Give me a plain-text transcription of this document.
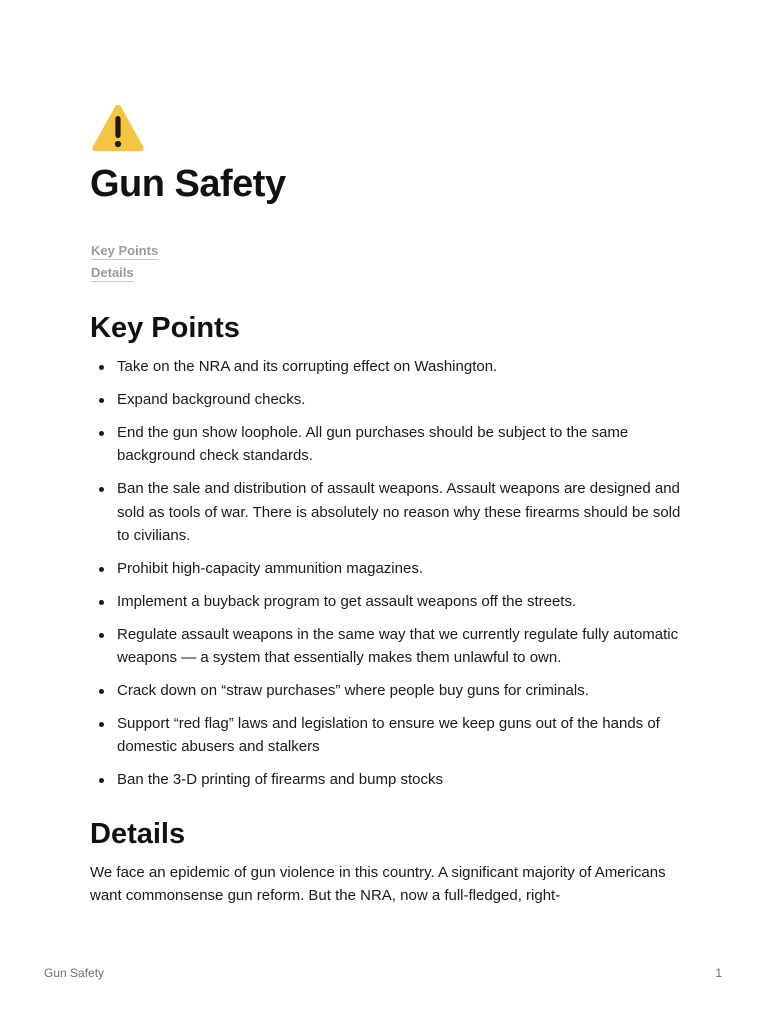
Gun Safety
Key Points
Details
Key Points
Take on the NRA and its corrupting effect on Washington.
Expand background checks.
End the gun show loophole. All gun purchases should be subject to the same background check standards.
Ban the sale and distribution of assault weapons. Assault weapons are designed and sold as tools of war. There is absolutely no reason why these firearms should be sold to civilians.
Prohibit high-capacity ammunition magazines.
Implement a buyback program to get assault weapons off the streets.
Regulate assault weapons in the same way that we currently regulate fully automatic weapons — a system that essentially makes them unlawful to own.
Crack down on “straw purchases” where people buy guns for criminals.
Support “red flag” laws and legislation to ensure we keep guns out of the hands of domestic abusers and stalkers
Ban the 3-D printing of firearms and bump stocks
Details

We face an epidemic of gun violence in this country. A significant majority of Americans want commonsense gun reform. But the NRA, now a full-fledged, right-

Gun Safety	1
